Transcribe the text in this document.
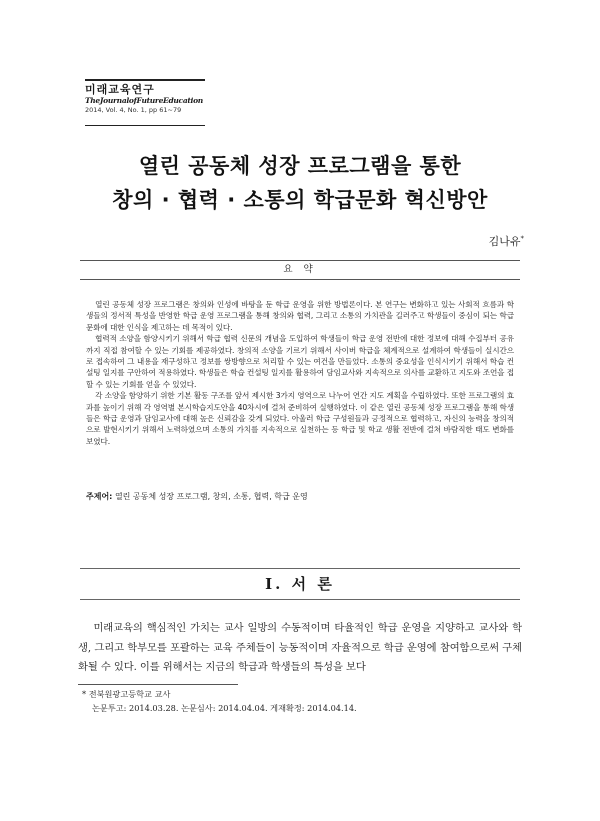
미래교육연구
TheJournalofFutureEducation
2014, Vol. 4, No. 1, pp 61~79
열린 공동체 성장 프로그램을 통한
창의 · 협력 · 소통의 학급문화 혁신방안
김나유*
요 약

열린 공동체 성장 프로그램은 창의와 인성에 바탕을 둔 학급 운영을 위한 방법론이다. 본 연구는 변화하고 있는 사회적 흐름과 학생들의 정서적 특성을 반영한 학급 운영 프로그램을 통해 창의와 협력, 그리고 소통의 가치관을 길러주고 학생들이 중심이 되는 학급 문화에 대한 인식을 제고하는 데 목적이 있다.

협력적 소양을 함양시키기 위해서 학급 협력 신문의 개념을 도입하여 학생들이 학급 운영 전반에 대한 정보에 대해 수집부터 공유까지 직접 참여할 수 있는 기회를 제공하였다. 창의적 소양을 기르기 위해서 사이버 학급을 체계적으로 설계하여 학생들이 실시간으로 접속하여 그 내용을 재구성하고 정보를 쌍방향으로 처리할 수 있는 여건을 만들었다. 소통의 중요성을 인식시키기 위해서 학습 컨설팅 일지를 구안하여 적용하였다. 학생들은 학습 컨설팅 일지를 활용하여 담임교사와 지속적으로 의사를 교환하고 지도와 조언을 접할 수 있는 기회를 얻을 수 있었다.

각 소양을 함양하기 위한 기본 활동 구조를 앞서 제시한 3가지 영역으로 나누어 연간 지도 계획을 수립하였다. 또한 프로그램의 효과를 높이기 위해 각 영역별 본시학습지도안을 40차시에 걸쳐 준비하여 실행하였다. 이 같은 열린 공동체 성장 프로그램을 통해 학생들은 학급 운영과 담임교사에 대해 높은 신뢰감을 갖게 되었다. 아울러 학급 구성원들과 긍정적으로 협력하고, 자신의 능력을 창의적으로 발현시키기 위해서 노력하였으며 소통의 가치를 지속적으로 실천하는 등 학급 및 학교 생활 전반에 걸쳐 바람직한 태도 변화를 보였다.

주제어: 열린 공동체 성장 프로그램, 창의, 소통, 협력, 학급 운영
Ⅰ. 서 론

미래교육의 핵심적인 가치는 교사 일방의 수동적이며 타율적인 학급 운영을 지양하고 교사와 학생, 그리고 학부모를 포괄하는 교육 주체들이 능동적이며 자율적으로 학급 운영에 참여함으로써 구체화될 수 있다. 이를 위해서는 지금의 학급과 학생들의 특성을 보다

* 전북원광고등학교 교사
논문투고: 2014.03.28. 논문심사: 2014.04.04. 게재확정: 2014.04.14.
